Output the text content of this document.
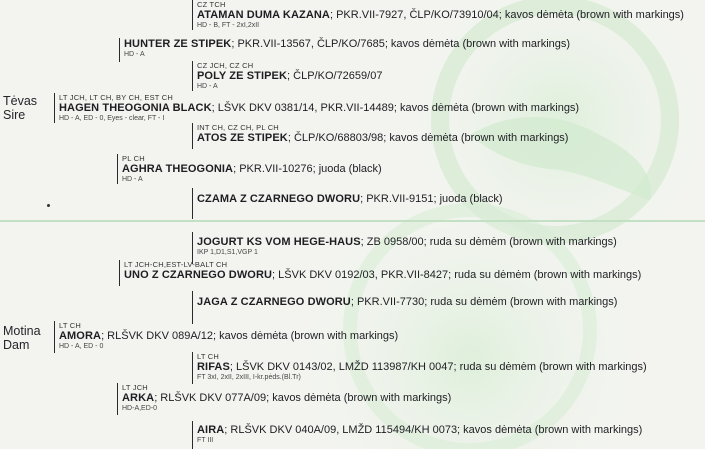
Tėvas
Sire
Motina
Dam
CZ TCH
ATAMAN DUMA KAZANA; PKR.VII-7927, ČLP/KO/73910/04; kavos dėmėta (brown with markings)
HD - B, FT - 2xI,2xII
HUNTER ZE STIPEK; PKR.VII-13567, ČLP/KO/7685; kavos dėmėta (brown with markings)
HD - A
CZ JCH, CZ CH
POLY ZE STIPEK; ČLP/KO/72659/07
HD - A
LT JCH, LT CH, BY CH, EST CH
HAGEN THEOGONIA BLACK; LŠVK DKV 0381/14, PKR.VII-14489; kavos dėmėta (brown with markings)
HD - A, ED - 0, Eyes - clear, FT - I
INT CH, CZ CH, PL CH
ATOS ZE STIPEK; ČLP/KO/68803/98; kavos dėmėta (brown with markings)
PL CH
AGHRA THEOGONIA; PKR.VII-10276; juoda (black)
HD - A
CZAMA Z CZARNEGO DWORU; PKR.VII-9151; juoda (black)
JOGURT KS VOM HEGE-HAUS; ZB 0958/00; ruda su dėmėm (brown with markings)
IKP 1,D1,S1,VGP 1
LT JCH-CH,EST-LV-BALT CH
UNO Z CZARNEGO DWORU; LŠVK DKV 0192/03, PKR.VII-8427; ruda su dėmėm (brown with markings)
JAGA Z CZARNEGO DWORU; PKR.VII-7730; ruda su dėmėm (brown with markings)
LT CH
AMORA; RLŠVK DKV 089A/12; kavos dėmėta (brown with markings)
HD - A, ED - 0
LT CH
RIFAS; LŠVK DKV 0143/02, LMŽD 113987/KH 0047; ruda su dėmėm (brown with markings)
FT 3xI, 2xII, 2xIII, I-kr.pėds.(Bl.Tr)
LT JCH
ARKA; RLŠVK DKV 077A/09; kavos dėmėta (brown with markings)
HD-A,ED-0
AIRA; RLŠVK DKV 040A/09, LMŽD 115494/KH 0073; kavos dėmėta (brown with markings)
FT III
